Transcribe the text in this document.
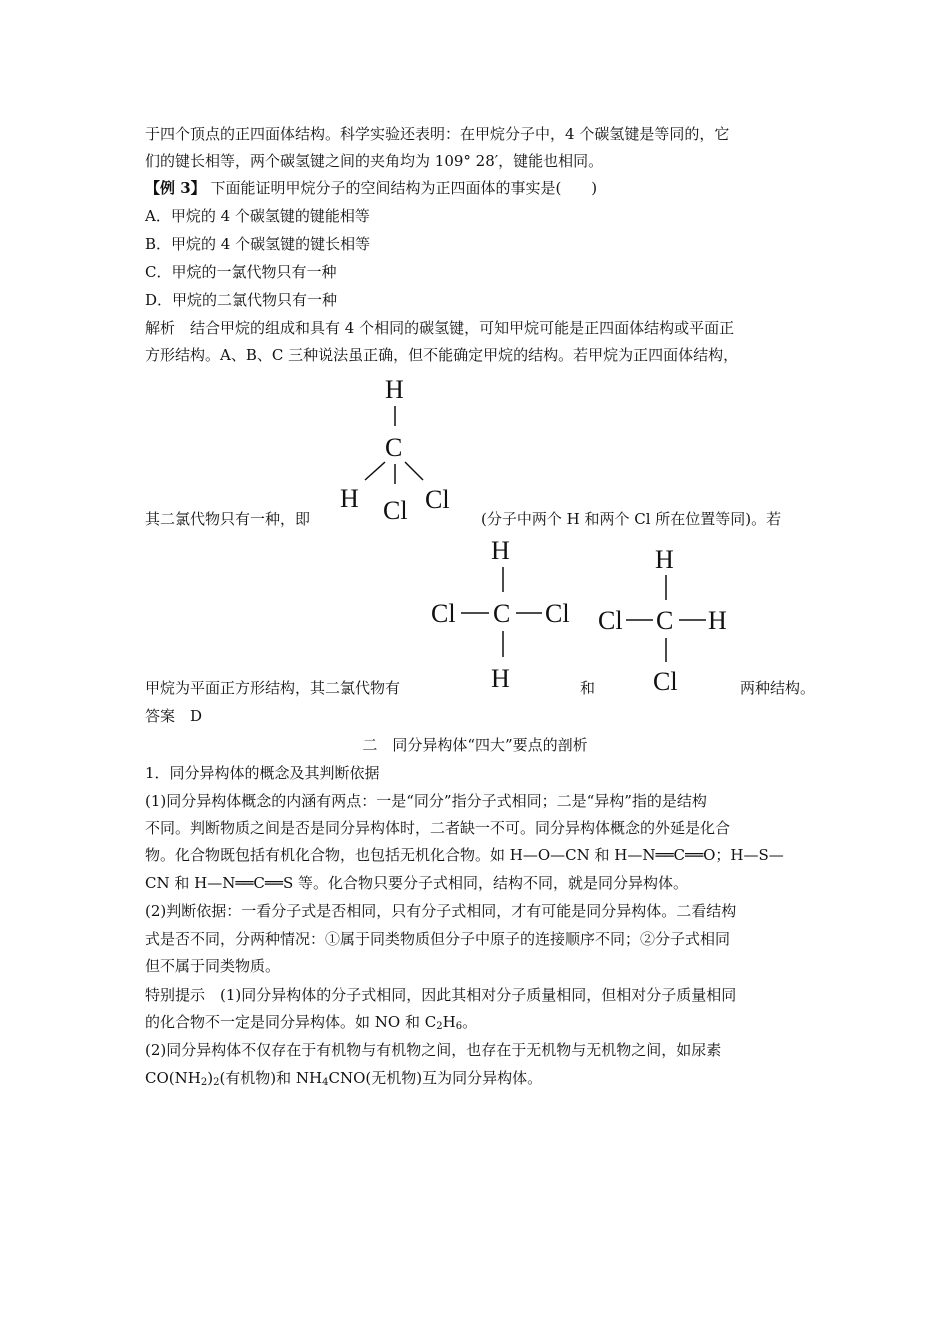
于四个顶点的正四面体结构。科学实验还表明：在甲烷分子中，4 个碳氢键是等同的，它
们的键长相等，两个碳氢键之间的夹角均为 109° 28′，键能也相同。
【例 3】 下面能证明甲烷分子的空间结构为正四面体的事实是(　　)
A．甲烷的 4 个碳氢键的键能相等
B．甲烷的 4 个碳氢键的键长相等
C．甲烷的一氯代物只有一种
D．甲烷的二氯代物只有一种
解析　结合甲烷的组成和具有 4 个相同的碳氢键，可知甲烷可能是正四面体结构或平面正
方形结构。A、B、C 三种说法虽正确，但不能确定甲烷的结构。若甲烷为正四面体结构，
H
C
H Cl Cl
其二氯代物只有一种，即	(分子中两个 H 和两个 Cl 所在位置等同)。若
H
Cl C Cl
H
H
Cl C H
Cl
甲烷为平面正方形结构，其二氯代物有	和	两种结构。
答案　D
二　同分异构体“四大”要点的剖析
1．同分异构体的概念及其判断依据
(1)同分异构体概念的内涵有两点：一是“同分”指分子式相同；二是“异构”指的是结构
不同。判断物质之间是否是同分异构体时，二者缺一不可。同分异构体概念的外延是化合
物。化合物既包括有机化合物，也包括无机化合物。如 H—O—CN 和 H—N══C══O；H—S—
CN 和 H—N══C══S 等。化合物只要分子式相同，结构不同，就是同分异构体。
(2)判断依据：一看分子式是否相同，只有分子式相同，才有可能是同分异构体。二看结构
式是否不同，分两种情况：①属于同类物质但分子中原子的连接顺序不同；②分子式相同
但不属于同类物质。
特别提示　(1)同分异构体的分子式相同，因此其相对分子质量相同，但相对分子质量相同
的化合物不一定是同分异构体。如 NO 和 $C_2H_6$。
(2)同分异构体不仅存在于有机物与有机物之间，也存在于无机物与无机物之间，如尿素
$CO(NH_2)_2$(有机物)和 $NH_4CNO$(无机物)互为同分异构体。
